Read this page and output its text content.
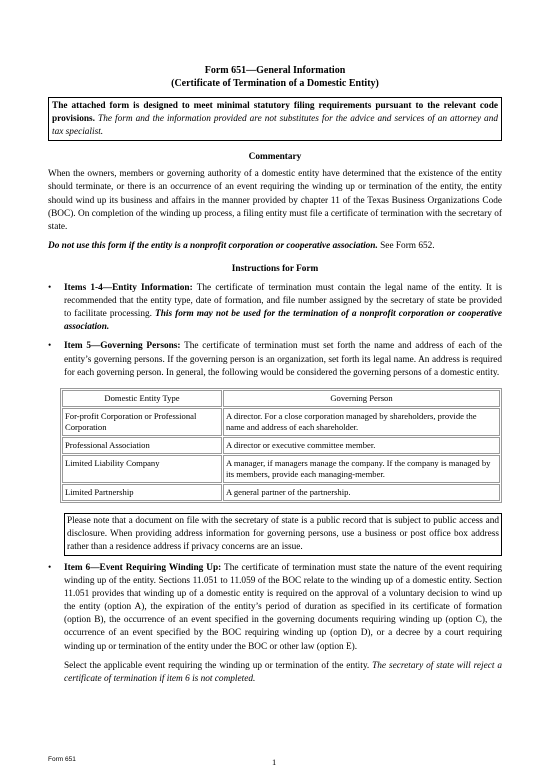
Form 651—General Information
(Certificate of Termination of a Domestic Entity)
The attached form is designed to meet minimal statutory filing requirements pursuant to the relevant code provisions. The form and the information provided are not substitutes for the advice and services of an attorney and tax specialist.
Commentary

When the owners, members or governing authority of a domestic entity have determined that the existence of the entity should terminate, or there is an occurrence of an event requiring the winding up or termination of the entity, the entity should wind up its business and affairs in the manner provided by chapter 11 of the Texas Business Organizations Code (BOC). On completion of the winding up process, a filing entity must file a certificate of termination with the secretary of state.

Do not use this form if the entity is a nonprofit corporation or cooperative association. See Form 652.

Instructions for Form
• Items 1-4—Entity Information: The certificate of termination must contain the legal name of the entity. It is recommended that the entity type, date of formation, and file number assigned by the secretary of state be provided to facilitate processing. This form may not be used for the termination of a nonprofit corporation or cooperative association.
• Item 5—Governing Persons: The certificate of termination must set forth the name and address of each of the entity’s governing persons. If the governing person is an organization, set forth its legal name. An address is required for each governing person. In general, the following would be considered the governing persons of a domestic entity.
Domestic Entity Type	Governing Person
For-profit Corporation or Professional Corporation	A director. For a close corporation managed by shareholders, provide the name and address of each shareholder.
Professional Association	A director or executive committee member.
Limited Liability Company	A manager, if managers manage the company. If the company is managed by its members, provide each managing-member.
Limited Partnership	A general partner of the partnership.
Please note that a document on file with the secretary of state is a public record that is subject to public access and disclosure. When providing address information for governing persons, use a business or post office box address rather than a residence address if privacy concerns are an issue.
• Item 6—Event Requiring Winding Up: The certificate of termination must state the nature of the event requiring winding up of the entity. Sections 11.051 to 11.059 of the BOC relate to the winding up of a domestic entity. Section 11.051 provides that winding up of a domestic entity is required on the approval of a voluntary decision to wind up the entity (option A), the expiration of the entity’s period of duration as specified in its certificate of formation (option B), the occurrence of an event specified in the governing documents requiring winding up (option C), the occurrence of an event specified by the BOC requiring winding up (option D), or a decree by a court requiring winding up or termination of the entity under the BOC or other law (option E).
Select the applicable event requiring the winding up or termination of the entity. The secretary of state will reject a certificate of termination if item 6 is not completed.
Form 651	1
